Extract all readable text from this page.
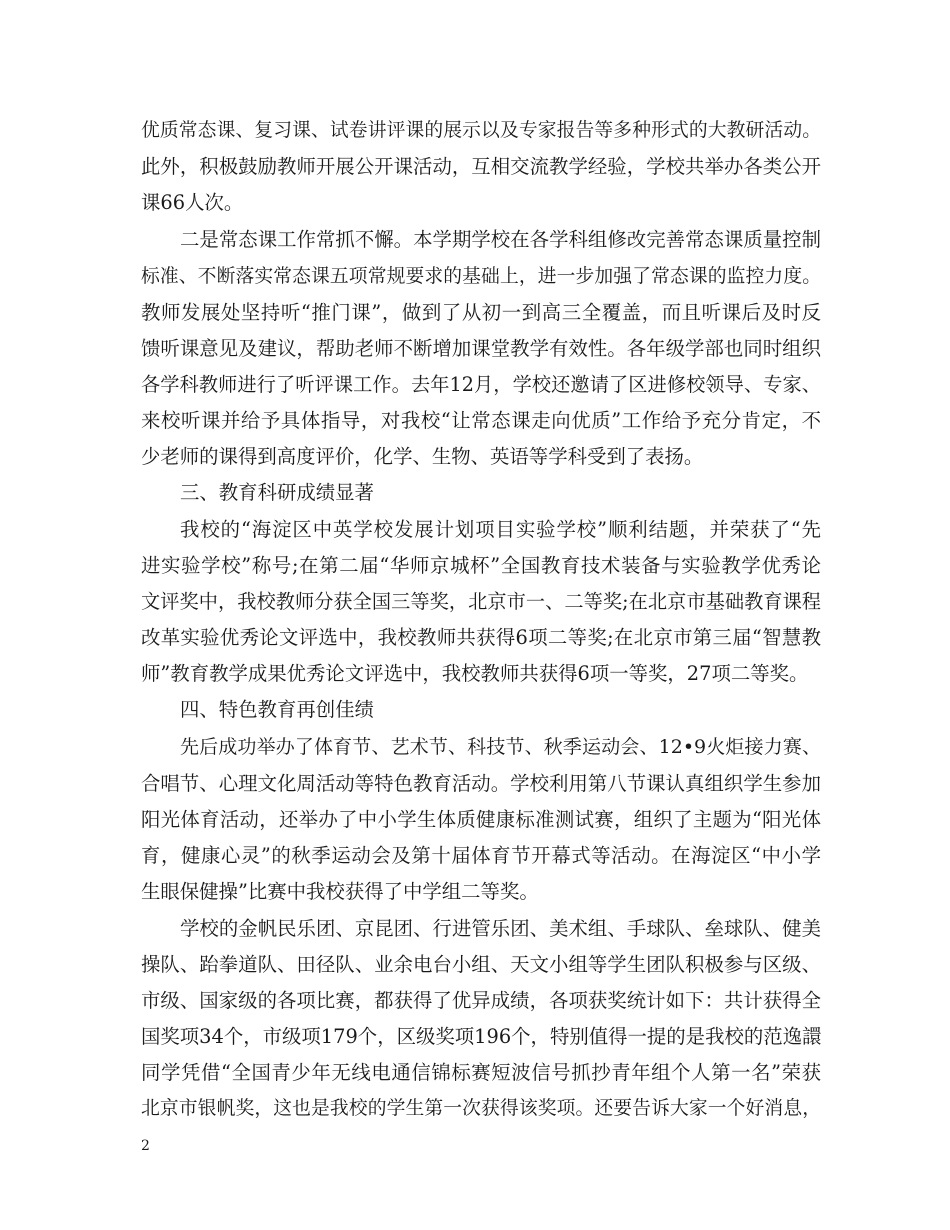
优质常态课、复习课、试卷讲评课的展示以及专家报告等多种形式的大教研活动。
此外，积极鼓励教师开展公开课活动，互相交流教学经验，学校共举办各类公开
课66人次。
二是常态课工作常抓不懈。本学期学校在各学科组修改完善常态课质量控制
标准、不断落实常态课五项常规要求的基础上，进一步加强了常态课的监控力度。
教师发展处坚持听“推门课”，做到了从初一到高三全覆盖，而且听课后及时反
馈听课意见及建议，帮助老师不断增加课堂教学有效性。各年级学部也同时组织
各学科教师进行了听评课工作。去年12月，学校还邀请了区进修校领导、专家、
来校听课并给予具体指导，对我校“让常态课走向优质”工作给予充分肯定，不
少老师的课得到高度评价，化学、生物、英语等学科受到了表扬。
三、教育科研成绩显著
我校的“海淀区中英学校发展计划项目实验学校”顺利结题，并荣获了“先
进实验学校”称号;在第二届“华师京城杯”全国教育技术装备与实验教学优秀论
文评奖中，我校教师分获全国三等奖，北京市一、二等奖;在北京市基础教育课程
改革实验优秀论文评选中，我校教师共获得6项二等奖;在北京市第三届“智慧教
师”教育教学成果优秀论文评选中，我校教师共获得6项一等奖，27项二等奖。
四、特色教育再创佳绩
先后成功举办了体育节、艺术节、科技节、秋季运动会、12•9火炬接力赛、
合唱节、心理文化周活动等特色教育活动。学校利用第八节课认真组织学生参加
阳光体育活动，还举办了中小学生体质健康标准测试赛，组织了主题为“阳光体
育，健康心灵”的秋季运动会及第十届体育节开幕式等活动。在海淀区“中小学
生眼保健操”比赛中我校获得了中学组二等奖。
学校的金帆民乐团、京昆团、行进管乐团、美术组、手球队、垒球队、健美
操队、跆拳道队、田径队、业余电台小组、天文小组等学生团队积极参与区级、
市级、国家级的各项比赛，都获得了优异成绩，各项获奖统计如下：共计获得全
国奖项34个，市级项179个，区级奖项196个，特别值得一提的是我校的范逸譞
同学凭借“全国青少年无线电通信锦标赛短波信号抓抄青年组个人第一名”荣获
北京市银帆奖，这也是我校的学生第一次获得该奖项。还要告诉大家一个好消息，
2
